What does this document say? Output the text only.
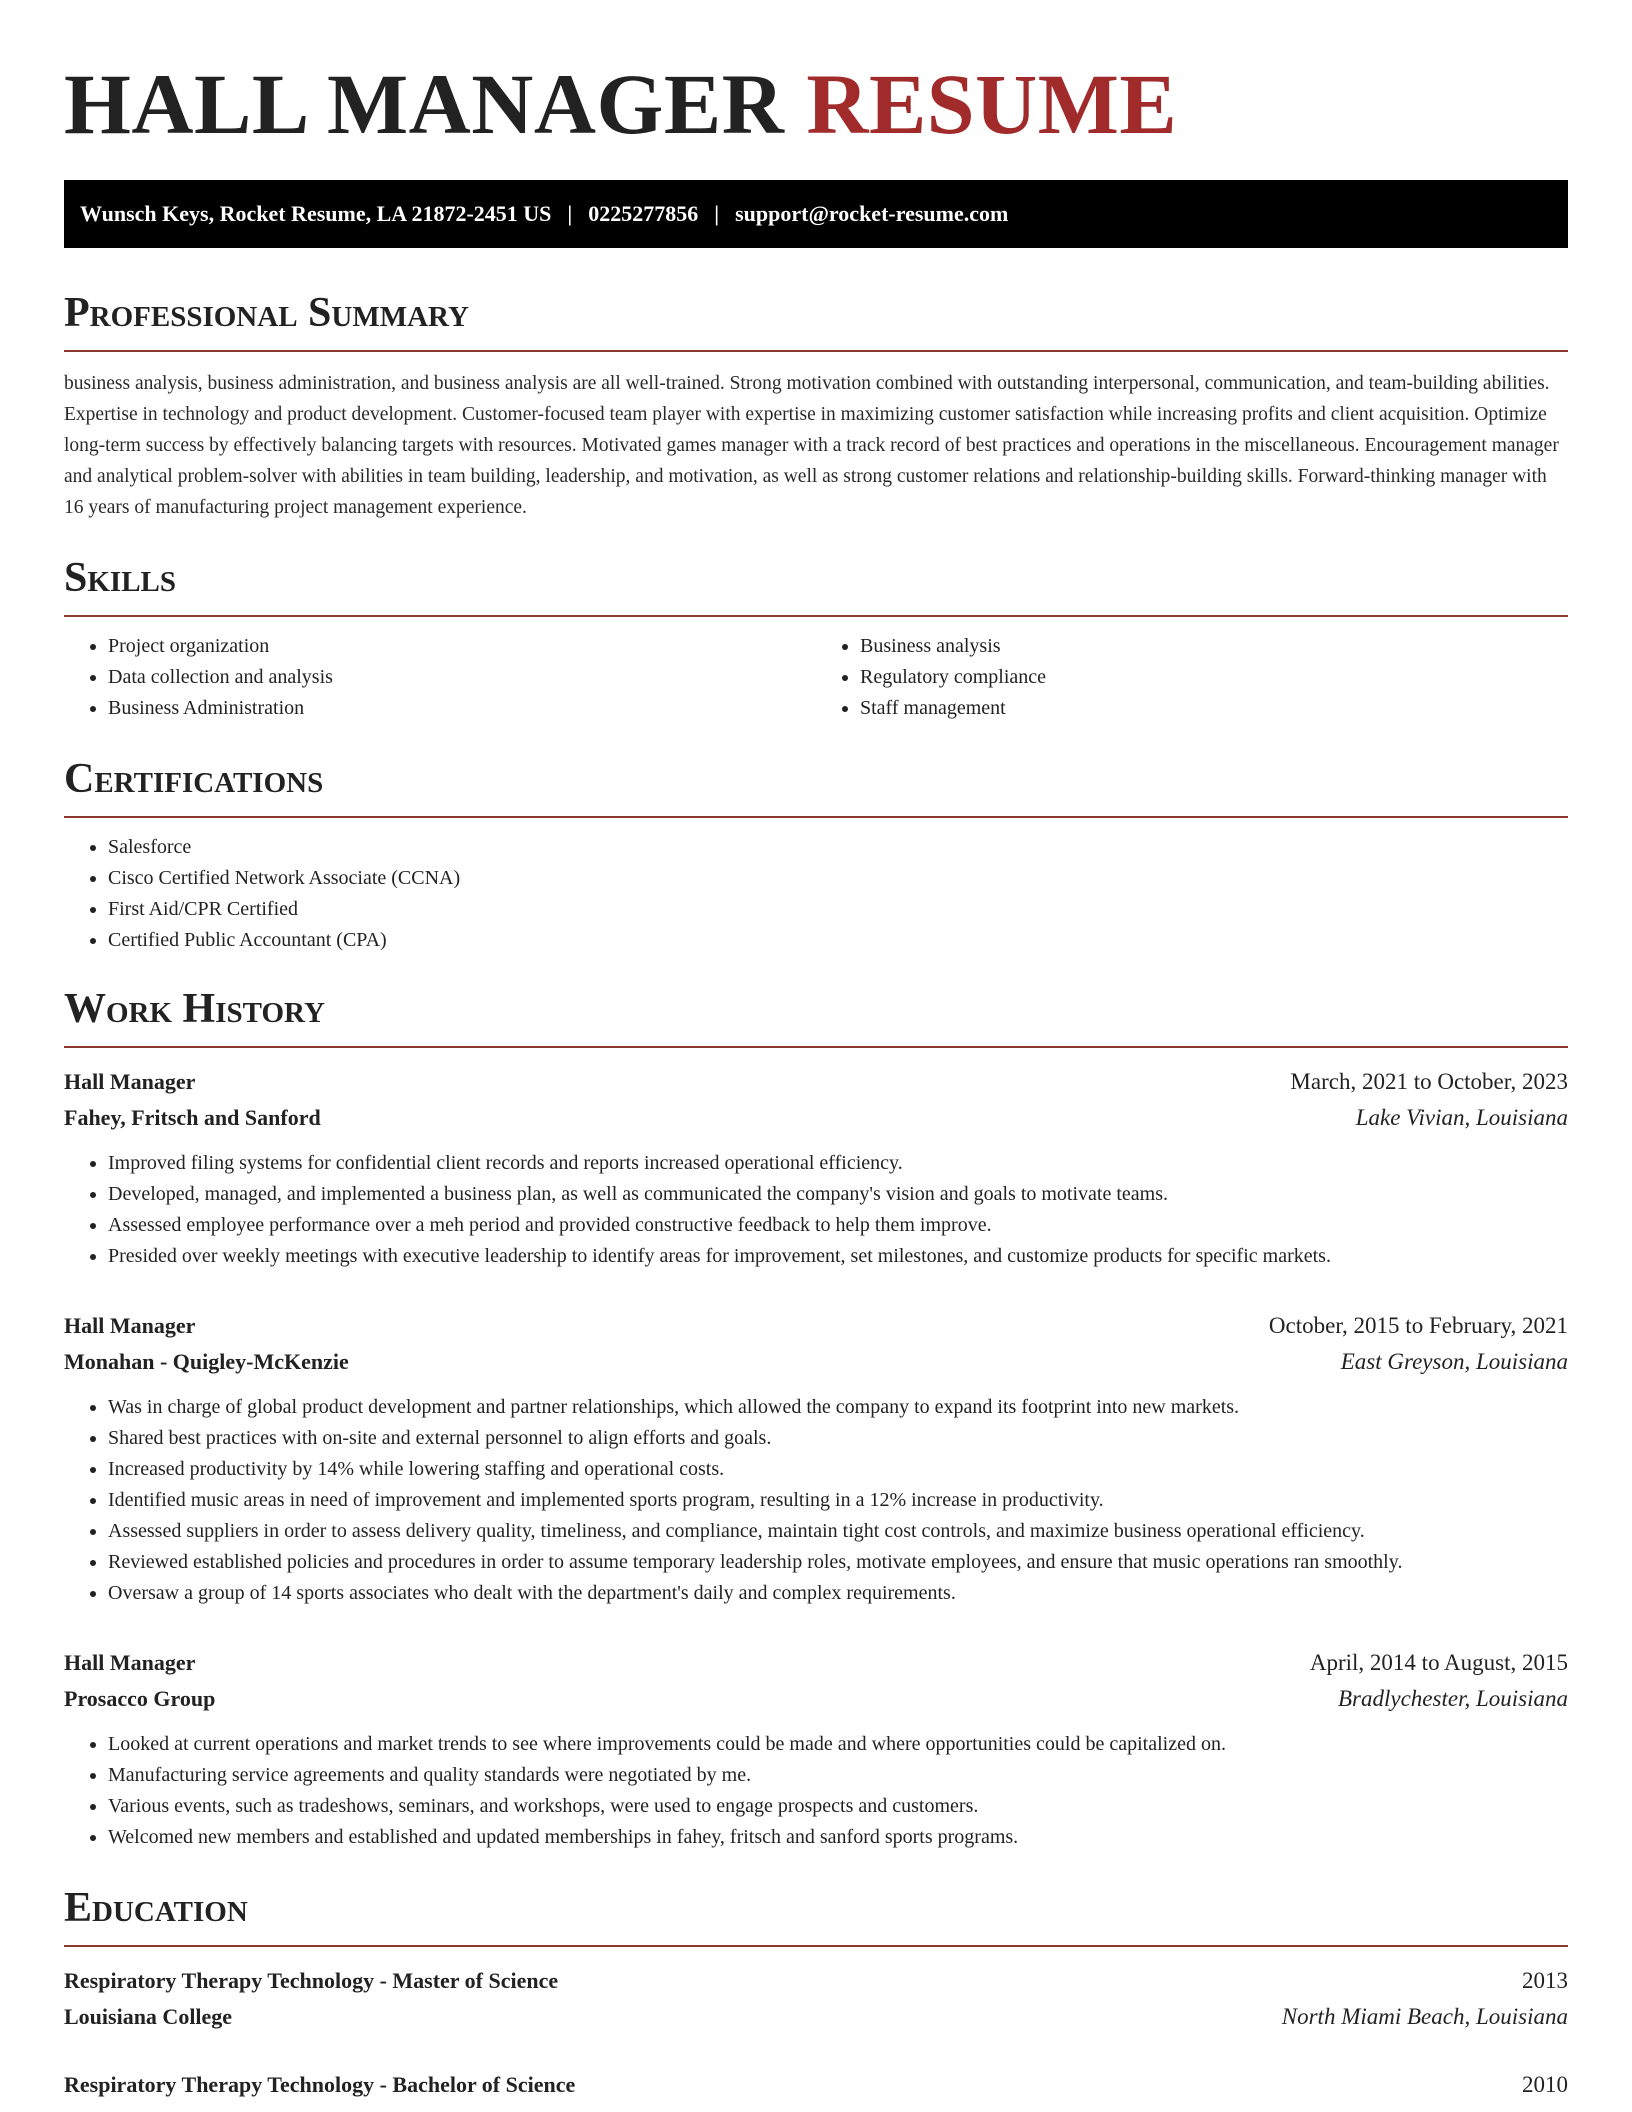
HALL MANAGER RESUME
Wunsch Keys, Rocket Resume, LA 21872-2451 US | 0225277856 | support@rocket-resume.com
Professional Summary

business analysis, business administration, and business analysis are all well-trained. Strong motivation combined with outstanding interpersonal, communication, and team-building abilities. Expertise in technology and product development. Customer-focused team player with expertise in maximizing customer satisfaction while increasing profits and client acquisition. Optimize long-term success by effectively balancing targets with resources. Motivated games manager with a track record of best practices and operations in the miscellaneous. Encouragement manager and analytical problem-solver with abilities in team building, leadership, and motivation, as well as strong customer relations and relationship-building skills. Forward-thinking manager with 16 years of manufacturing project management experience.

Skills
• Project organization
• Data collection and analysis
• Business Administration
• Business analysis
• Regulatory compliance
• Staff management
Certifications
• Salesforce
• Cisco Certified Network Associate (CCNA)
• First Aid/CPR Certified
• Certified Public Accountant (CPA)
Work History
Hall Manager	March, 2021 to October, 2023
Fahey, Fritsch and Sanford	Lake Vivian, Louisiana
• Improved filing systems for confidential client records and reports increased operational efficiency.
• Developed, managed, and implemented a business plan, as well as communicated the company's vision and goals to motivate teams.
• Assessed employee performance over a meh period and provided constructive feedback to help them improve.
• Presided over weekly meetings with executive leadership to identify areas for improvement, set milestones, and customize products for specific markets.
Hall Manager	October, 2015 to February, 2021
Monahan - Quigley-McKenzie	East Greyson, Louisiana
• Was in charge of global product development and partner relationships, which allowed the company to expand its footprint into new markets.
• Shared best practices with on-site and external personnel to align efforts and goals.
• Increased productivity by 14% while lowering staffing and operational costs.
• Identified music areas in need of improvement and implemented sports program, resulting in a 12% increase in productivity.
• Assessed suppliers in order to assess delivery quality, timeliness, and compliance, maintain tight cost controls, and maximize business operational efficiency.
• Reviewed established policies and procedures in order to assume temporary leadership roles, motivate employees, and ensure that music operations ran smoothly.
• Oversaw a group of 14 sports associates who dealt with the department's daily and complex requirements.
Hall Manager	April, 2014 to August, 2015
Prosacco Group	Bradlychester, Louisiana
• Looked at current operations and market trends to see where improvements could be made and where opportunities could be capitalized on.
• Manufacturing service agreements and quality standards were negotiated by me.
• Various events, such as tradeshows, seminars, and workshops, were used to engage prospects and customers.
• Welcomed new members and established and updated memberships in fahey, fritsch and sanford sports programs.
Education
Respiratory Therapy Technology - Master of Science	2013
Louisiana College	North Miami Beach, Louisiana
Respiratory Therapy Technology - Bachelor of Science	2010
